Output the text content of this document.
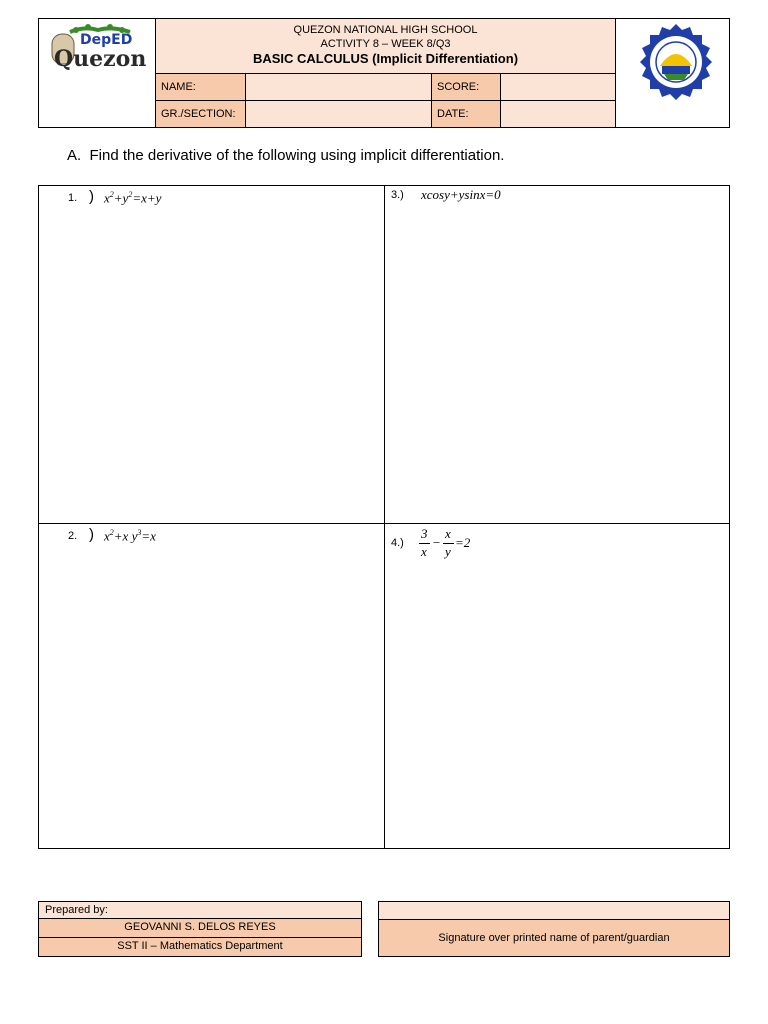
DepED
Quezon
QUEZON NATIONAL HIGH SCHOOL
ACTIVITY 8 – WEEK 8/Q3
BASIC CALCULUS (Implicit Differentiation)
NAME:	SCORE:
GR./SECTION:	DATE:
A.  Find the derivative of the following using implicit differentiation.
1. ) $x^2+y^2=x+y$	3.) xcosy+ysinx=0
2. ) $x^2+x$ $y^3=x$	4.)
3
x
−
x
y
=2
Prepared by:
GEOVANNI S. DELOS REYES
SST II – Mathematics Department
Signature over printed name of parent/guardian
